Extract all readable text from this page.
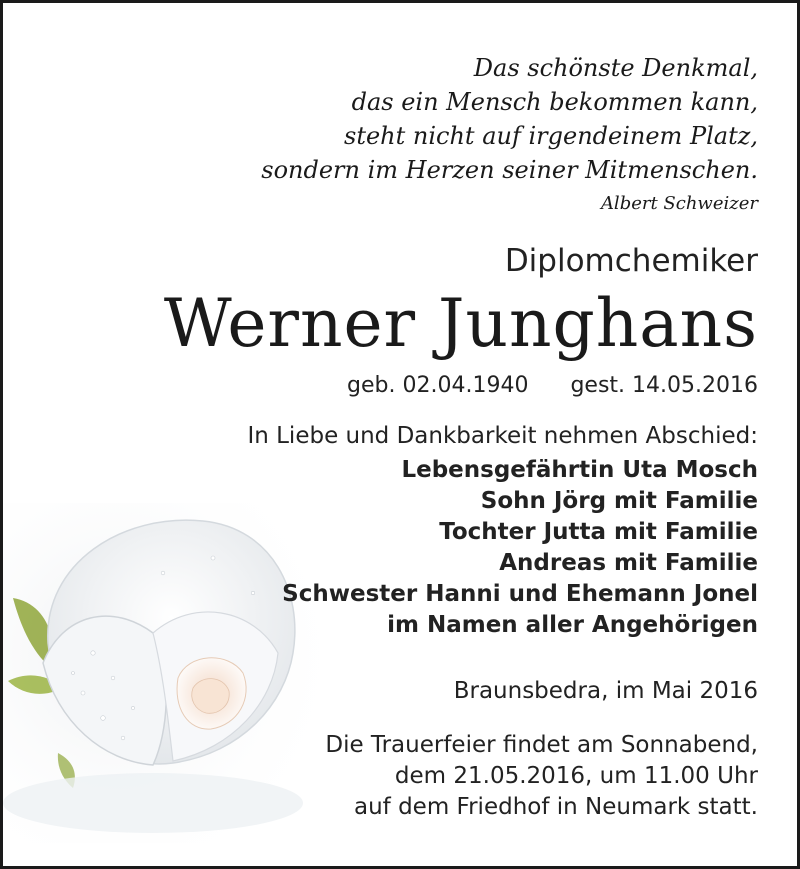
Das schönste Denkmal,
das ein Mensch bekommen kann,
steht nicht auf irgendeinem Platz,
sondern im Herzen seiner Mitmenschen.
Albert Schweizer
Diplomchemiker
Werner Junghans
geb. 02.04.1940 gest. 14.05.2016
In Liebe und Dankbarkeit nehmen Abschied:
Lebensgefährtin Uta Mosch
Sohn Jörg mit Familie
Tochter Jutta mit Familie
Andreas mit Familie
Schwester Hanni und Ehemann Jonel
im Namen aller Angehörigen
Braunsbedra, im Mai 2016
Die Trauerfeier findet am Sonnabend,
dem 21.05.2016, um 11.00 Uhr
auf dem Friedhof in Neumark statt.
